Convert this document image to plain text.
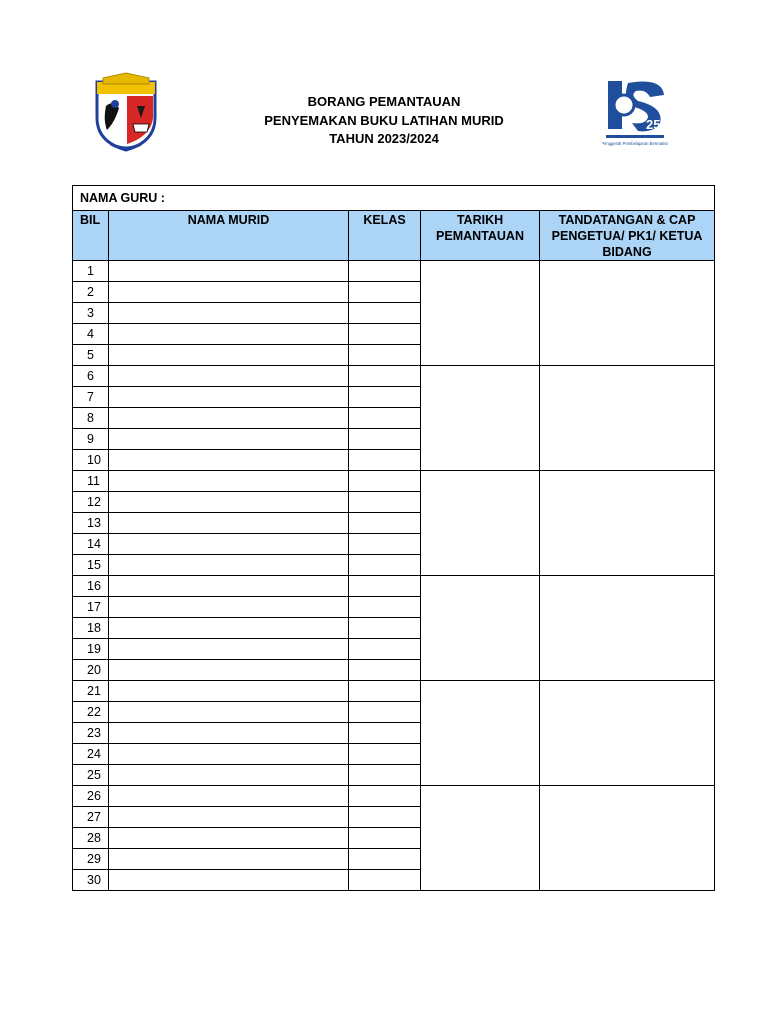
BORANG PEMANTAUAN
PENYEMAKAN BUKU LATIHAN MURID
TAHUN 2023/2024
25
Penggerak Pembelajaran Bermakna
NAMA GURU :				
BIL	NAMA MURID	KELAS	TARIKH PEMANTAUAN	TANDATANGAN & CAP PENGETUA/ PK1/ KETUA BIDANG
1				
2				
3				
4				
5				
6				
7				
8				
9				
10				
11				
12				
13				
14				
15				
16				
17				
18				
19				
20				
21				
22				
23				
24				
25				
26				
27				
28				
29				
30				
